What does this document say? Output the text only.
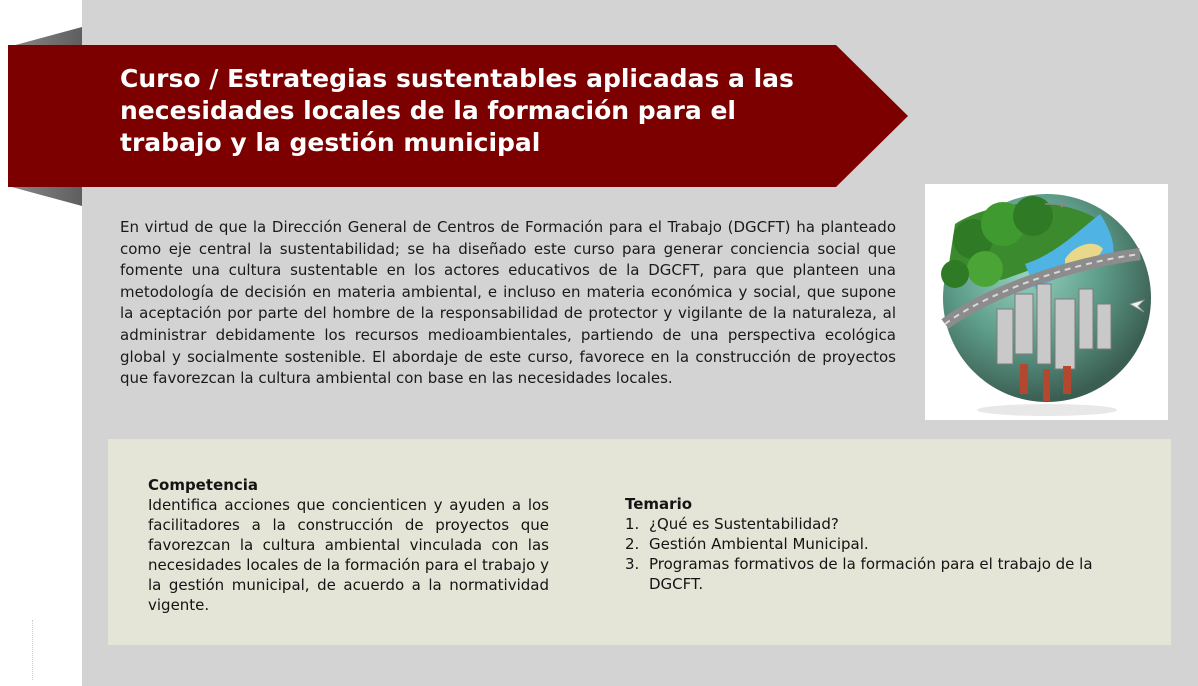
Curso / Estrategias sustentables aplicadas a las necesidades locales de la formación para el trabajo y la gestión municipal

En virtud de que la Dirección General de Centros de Formación para el Trabajo (DGCFT) ha planteado como eje central la sustentabilidad; se ha diseñado este curso para generar conciencia social que fomente una cultura sustentable en los actores educativos de la DGCFT, para que planteen una metodología de decisión en materia ambiental, e incluso en materia económica y social, que supone la aceptación por parte del hombre de la responsabilidad de protector y vigilante de la naturaleza, al administrar debidamente los recursos medioambientales, partiendo de una perspectiva ecológica global y socialmente sostenible. El abordaje de este curso, favorece en la construcción de proyectos que favorezcan la cultura ambiental con base en las necesidades locales.

Competencia

Identifica acciones que concienticen y ayuden a los facilitadores a la construcción de proyectos que favorezcan la cultura ambiental vinculada con las necesidades locales de la formación para el trabajo y la gestión municipal, de acuerdo a la normatividad vigente.

Temario
1. ¿Qué es Sustentabilidad?
2. Gestión Ambiental Municipal.
3. Programas formativos de la formación para el trabajo de la DGCFT.
